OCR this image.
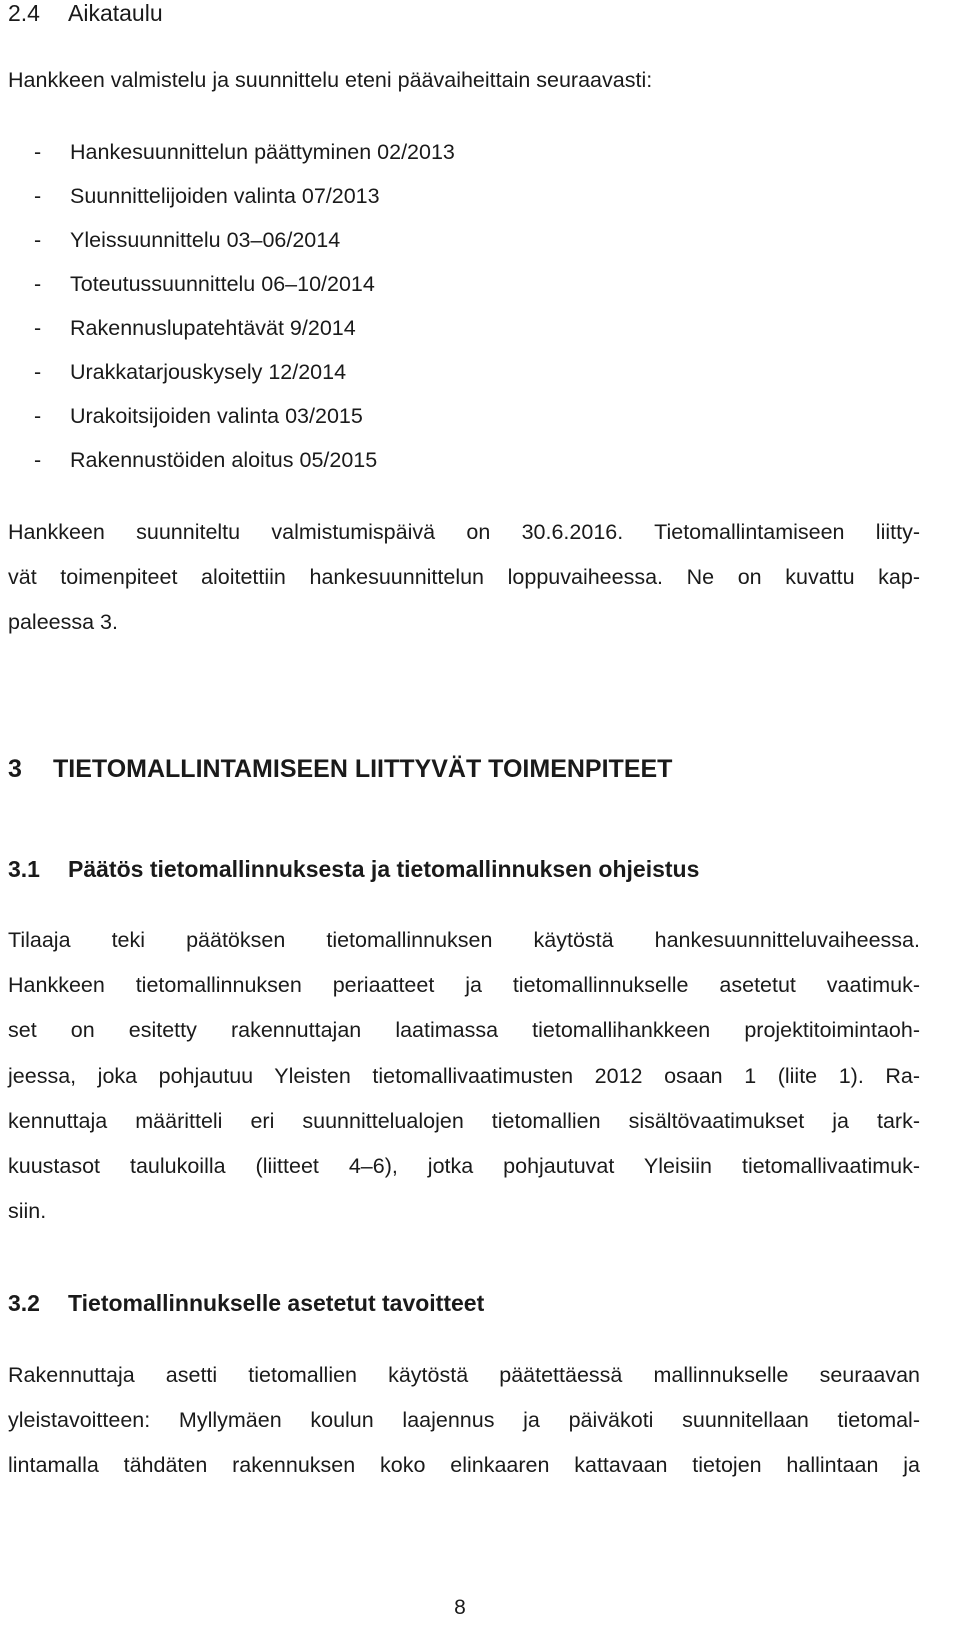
2.4 Aikataulu
Hankkeen valmistelu ja suunnittelu eteni päävaiheittain seuraavasti:
- Hankesuunnittelun päättyminen 02/2013
- Suunnittelijoiden valinta 07/2013
- Yleissuunnittelu 03–06/2014
- Toteutussuunnittelu 06–10/2014
- Rakennuslupatehtävät 9/2014
- Urakkatarjouskysely 12/2014
- Urakoitsijoiden valinta 03/2015
- Rakennustöiden aloitus 05/2015
Hankkeen suunniteltu valmistumispäivä on 30.6.2016. Tietomallintamiseen liitty-
vät toimenpiteet aloitettiin hankesuunnittelun loppuvaiheessa. Ne on kuvattu kap-
paleessa 3.
3 TIETOMALLINTAMISEEN LIITTYVÄT TOIMENPITEET
3.1 Päätös tietomallinnuksesta ja tietomallinnuksen ohjeistus
Tilaaja teki päätöksen tietomallinnuksen käytöstä hankesuunnitteluvaiheessa.
Hankkeen tietomallinnuksen periaatteet ja tietomallinnukselle asetetut vaatimuk-
set on esitetty rakennuttajan laatimassa tietomallihankkeen projektitoimintaoh-
jeessa, joka pohjautuu Yleisten tietomallivaatimusten 2012 osaan 1 (liite 1). Ra-
kennuttaja määritteli eri suunnittelualojen tietomallien sisältövaatimukset ja tark-
kuustasot taulukoilla (liitteet 4–6), jotka pohjautuvat Yleisiin tietomallivaatimuk-
siin.
3.2 Tietomallinnukselle asetetut tavoitteet
Rakennuttaja asetti tietomallien käytöstä päätettäessä mallinnukselle seuraavan
yleistavoitteen: Myllymäen koulun laajennus ja päiväkoti suunnitellaan tietomal-
lintamalla tähdäten rakennuksen koko elinkaaren kattavaan tietojen hallintaan ja
8
